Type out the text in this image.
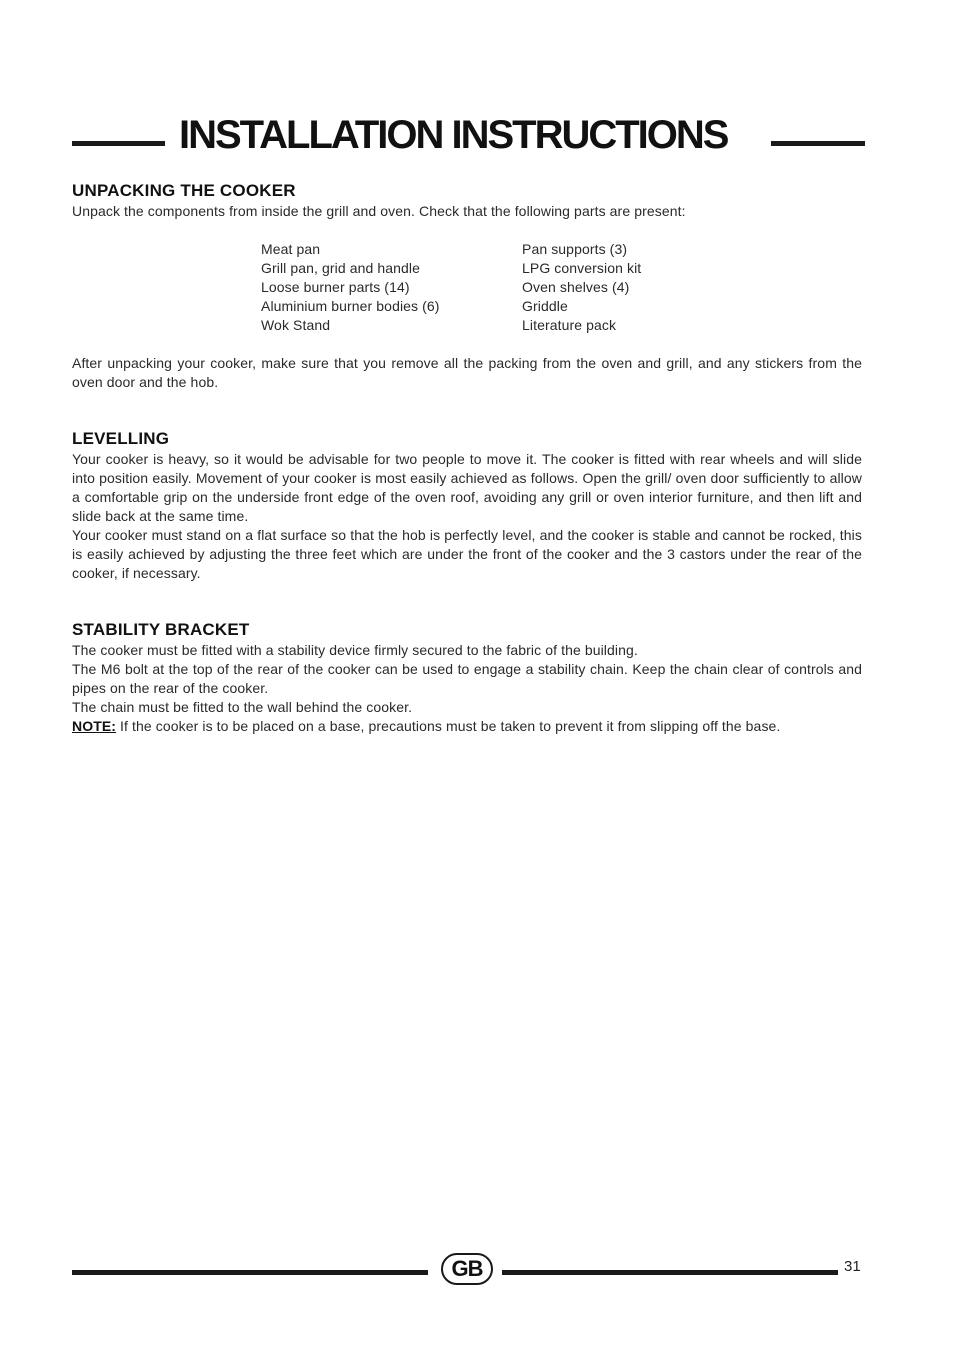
INSTALLATION INSTRUCTIONS
UNPACKING THE COOKER

Unpack the components from inside the grill and oven. Check that the following parts are present:

Meat pan
Grill pan, grid and handle
Loose burner parts (14)
Aluminium burner bodies (6)
Wok Stand
Pan supports (3)
LPG conversion kit
Oven shelves (4)
Griddle
Literature pack

After unpacking your cooker, make sure that you remove all the packing from the oven and grill, and any stickers from the oven door and the hob.

LEVELLING

Your cooker is heavy, so it would be advisable for two people to move it. The cooker is fitted with rear wheels and will slide into position easily. Movement of your cooker is most easily achieved as follows. Open the grill/ oven door sufficiently to allow a comfortable grip on the underside front edge of the oven roof, avoiding any grill or oven interior furniture, and then lift and slide back at the same time.

Your cooker must stand on a flat surface so that the hob is perfectly level, and the cooker is stable and cannot be rocked, this is easily achieved by adjusting the three feet which are under the front of the cooker and the 3 castors under the rear of the cooker, if necessary.

STABILITY BRACKET

The cooker must be fitted with a stability device firmly secured to the fabric of the building.

The M6 bolt at the top of the rear of the cooker can be used to engage a stability chain. Keep the chain clear of controls and pipes on the rear of the cooker.

The chain must be fitted to the wall behind the cooker.

NOTE: If the cooker is to be placed on a base, precautions must be taken to prevent it from slipping off the base.

GB	31
